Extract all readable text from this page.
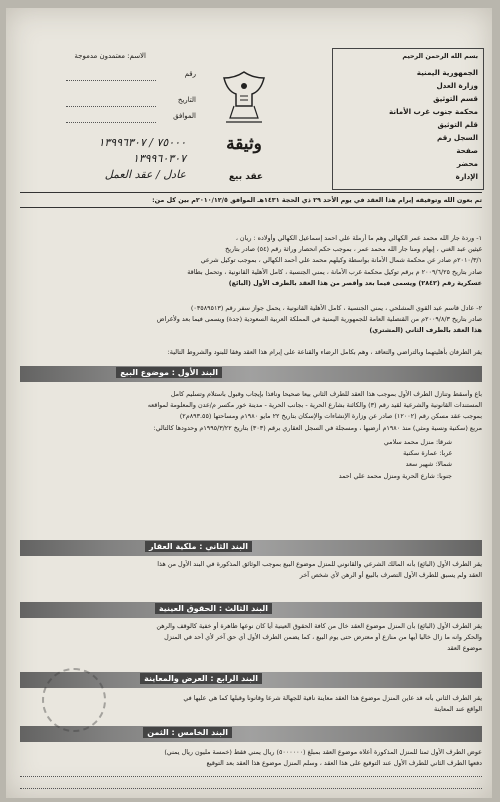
الاسم: معتمدون مدموجة
رقم
التاريخ
الموافق
٧٥٠٠٠ / ١٣٩٩٦٣٠٧
١٣٩٩٦٠٣٠٧
عادل / عقد العمل
وثيقة
عقد بيع
بسم الله الرحمن الرحيم
الجمهورية اليمنية
وزارة العدل
قسم التوثيق
محكمة جنوب غرب الأمانة
قلم التوثيق
السجل رقم
صفحة
محضر
الإدارة
تم بعون الله وتوفيقه إبرام هذا العقد في يوم الأحد ٢٩ ذي الحجة ١٤٣١هـ الموافق ٢٠١٠/١٢/٥م بين كل من:
١- وردة جار الله محمد عمر الكهالي وهم ما أرملة علي احمد إسماعيل الكهالي وأولاده : ريان ،
غيثين عبد الغني ، إيهام ومنا جار الله محمد عمر ، بموجب حكم انحصار وراثة رقم (٥٤) صادر بتاريخ
٢٠١٠/٣/١م صادر عن محكمة شمال الأمانة بواسطة وكيلهم محمد علي أحمد الكهالي ، بموجب توكيل شرعي
صادر بتاريخ ٢٠٠٩/٦/٢٥ م برقم توكيل محكمة غرب الأمانة ، يمني الجنسية ، كامل الأهلية القانونية ، وتحمل بطاقة
عسكرية رقم (٢٨٤٢) ويسمى فيما بعد وأقصر من هذا العقد بالطرف الأول (البائع)
٢- عادل قاسم عبد القوي المشلحي ، يمني الجنسية ، كامل الأهلية القانونية ، يحمل جواز سفر رقم (٠٣٥٨٩٥١٣)
صادر بتاريخ ٢٠٠٩/٨/٣م من القنصلية العامة للجمهورية اليمنية في المملكة العربية السعودية (جدة) ويسمى فيما بعد ولأغراض
هذا العقد بالطرف الثاني (المشتري)
يقر الطرفان بأهليتهما وبالتراضي والتعاقد ، وهم بكامل الرضاء والقناعة على إبرام هذا العقد وفقا للبنود والشروط التالية:
البند الأول : موضوع البيع
باع وأسقط وتنازل الطرف الأول بموجب هذا العقد للطرف الثاني بيعا صحيحا ونافذا بإيجاب وقبول باستلام وتسليم كامل
المستندات القانونية والشرعية لقيد رقم (٣) والكائنة بشارع الحرية - بجانب الحرية - مدينة خور مكسر م/عدن والمعلومة لمواقعه
بموجب عقد مسكن رقم (١٢٠٠٢) صادر عن وزارة الإنشاءات والإسكان بتاريخ ٢٢ مايو ١٩٨٠م ومساحتها (٨٩٣.٥٥م٢)
مربع (سكنية ونسية ومثي) منذ ١٩٨٠م أرضيها ، ومسجلة في السجل العقاري برقم (٣٠٣) بتاريخ ١٩٩٥/٣/٢٢م وحدودها كالتالي:
شرقا: منزل محمد سلامي
غربا: عمارة سكنية
شمالا: شهير سعد
جنوبا: شارع الحرية ومنزل محمد علي احمد
البند الثاني : ملكية العقار
يقر الطرف الأول (البائع) بأنه المالك الشرعي والقانوني للمنزل موضوع البيع بموجب الوثائق المذكورة في البند الأول من هذا
العقد ولم يسبق للطرف الأول التصرف بالبيع أو الرهن لأي شخص آخر
البند الثالث : الحقوق العينية
يقر الطرف الأول (البائع) بأن المنزل موضوع العقد خال من كافة الحقوق العينية أيا كان نوعها ظاهرة أو خفية كالوقف والرهن
والحكر وانه ما زال خاليا أيها من منازع أو معترض حتى يوم البيع ، كما يضمن الطرف الأول أي حق آخر لأي أحد في المنزل
موضوع العقد
البند الرابع : العرض والمعاينة
يقر الطرف الثاني بأنه قد عاين المنزل موضوع هذا العقد معاينة نافية للجهالة شرعا وقانونا وقبلها كما هي عليها في
الواقع عند المعاينة
البند الخامس : الثمن
عوض الطرف الأول ثمنا للمنزل المذكورة أعلاه موضوع العقد بمبلغ (٥٠٠٠٠٠٠) ريال يمني فقط (خمسة مليون ريال يمني)
دفعها الطرف الثاني للطرف الأول عند التوقيع على هذا العقد ، وسلم المنزل موضوع هذا العقد بعد التوقيع
